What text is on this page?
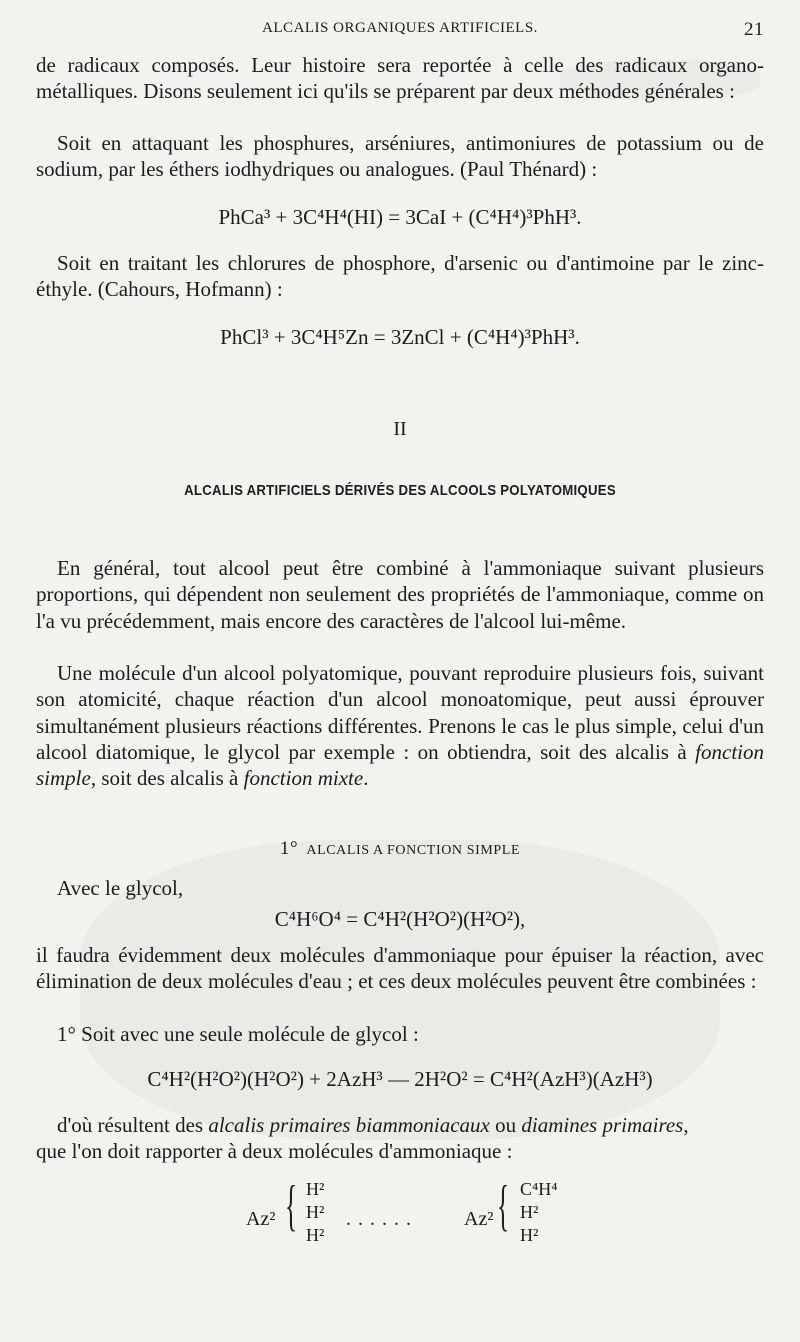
ALCALIS ORGANIQUES ARTIFICIELS.	21

de radicaux composés. Leur histoire sera reportée à celle des radicaux organo-métalliques. Disons seulement ici qu'ils se préparent par deux méthodes générales :

Soit en attaquant les phosphures, arséniures, antimoniures de potassium ou de sodium, par les éthers iodhydriques ou analogues. (Paul Thénard) :

PhCa³ + 3C⁴H⁴(HI) = 3CaI + (C⁴H⁴)³PhH³.

Soit en traitant les chlorures de phosphore, d'arsenic ou d'antimoine par le zinc-éthyle. (Cahours, Hofmann) :

PhCl³ + 3C⁴H⁵Zn = 3ZnCl + (C⁴H⁴)³PhH³.
II
ALCALIS ARTIFICIELS DÉRIVÉS DES ALCOOLS POLYATOMIQUES

En général, tout alcool peut être combiné à l'ammoniaque suivant plusieurs proportions, qui dépendent non seulement des propriétés de l'ammoniaque, comme on l'a vu précédemment, mais encore des caractères de l'alcool lui-même.

Une molécule d'un alcool polyatomique, pouvant reproduire plusieurs fois, suivant son atomicité, chaque réaction d'un alcool monoatomique, peut aussi éprouver simultanément plusieurs réactions différentes. Prenons le cas le plus simple, celui d'un alcool diatomique, le glycol par exemple : on obtiendra, soit des alcalis à fonction simple, soit des alcalis à fonction mixte.

1° ALCALIS A FONCTION SIMPLE
Avec le glycol,
C⁴H⁶O⁴ = C⁴H²(H²O²)(H²O²),

il faudra évidemment deux molécules d'ammoniaque pour épuiser la réaction, avec élimination de deux molécules d'eau ; et ces deux molécules peuvent être combinées :

1° Soit avec une seule molécule de glycol :

C⁴H²(H²O²)(H²O²) + 2AzH³ — 2H²O² = C⁴H²(AzH³)(AzH³)

d'où résultent des alcalis primaires biammoniacaux ou diamines primaires,

que l'on doit rapporter à deux molécules d'ammoniaque :

Az² { H²
H²
H²
...... Az² { C⁴H⁴
H²
H²
